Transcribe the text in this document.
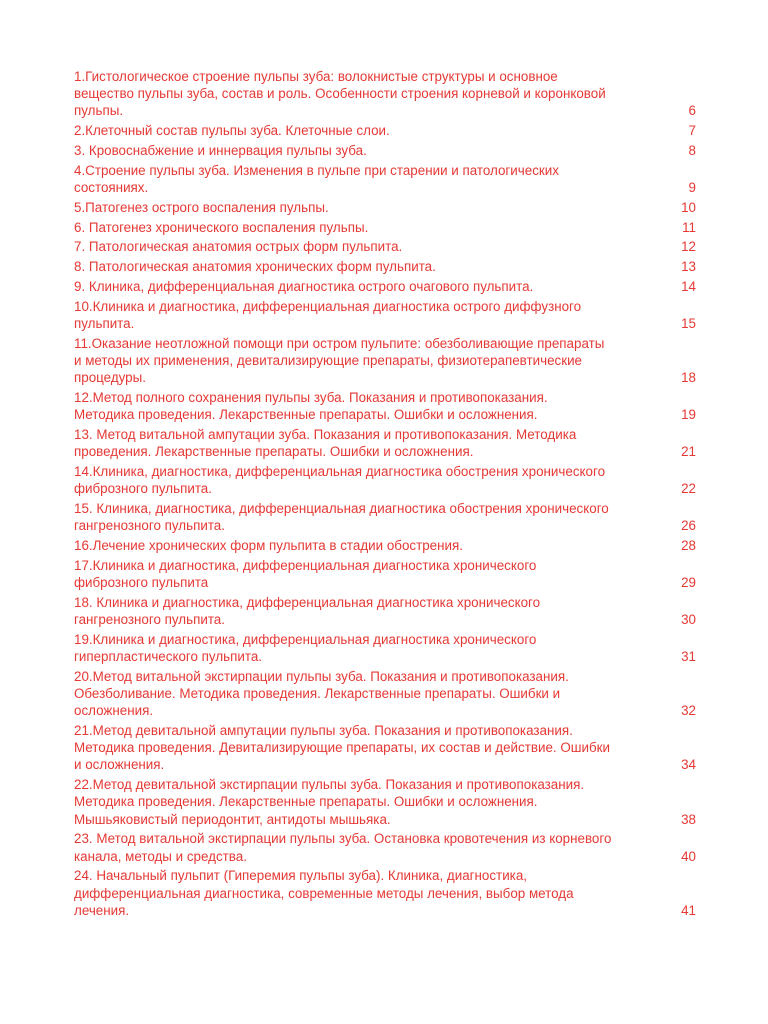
1.Гистологическое строение пульпы зуба: волокнистые структуры и основное
вещество пульпы зуба, состав и роль. Особенности строения корневой и коронковой
пульпы.	6
2.Клеточный состав пульпы зуба. Клеточные слои.	7
3. Кровоснабжение и иннервация пульпы зуба.	8
4.Строение пульпы зуба. Изменения в пульпе при старении и патологических
состояниях.	9
5.Патогенез острого воспаления пульпы.	10
6. Патогенез хронического воспаления пульпы.	11
7. Патологическая анатомия острых форм пульпита.	12
8. Патологическая анатомия хронических форм пульпита.	13
9. Клиника, дифференциальная диагностика острого очагового пульпита.	14
10.Клиника и диагностика, дифференциальная диагностика острого диффузного
пульпита.	15
11.Оказание неотложной помощи при остром пульпите: обезболивающие препараты
и методы их применения, девитализирующие препараты, физиотерапевтические
процедуры.	18
12.Метод полного сохранения пульпы зуба. Показания и противопоказания.
Методика проведения. Лекарственные препараты. Ошибки и осложнения.	19
13. Метод витальной ампутации зуба. Показания и противопоказания. Методика
проведения. Лекарственные препараты. Ошибки и осложнения.	21
14.Клиника, диагностика, дифференциальная диагностика обострения хронического
фиброзного пульпита.	22
15. Клиника, диагностика, дифференциальная диагностика обострения хронического
гангренозного пульпита.	26
16.Лечение хронических форм пульпита в стадии обострения.	28
17.Клиника и диагностика, дифференциальная диагностика хронического
фиброзного пульпита	29
18. Клиника и диагностика, дифференциальная диагностика хронического
гангренозного пульпита.	30
19.Клиника и диагностика, дифференциальная диагностика хронического
гиперпластического пульпита.	31
20.Метод витальной экстирпации пульпы зуба. Показания и противопоказания.
Обезболивание. Методика проведения. Лекарственные препараты. Ошибки и
осложнения.	32
21.Метод девитальной ампутации пульпы зуба. Показания и противопоказания.
Методика проведения. Девитализирующие препараты, их состав и действие. Ошибки
и осложнения.	34
22.Метод девитальной экстирпации пульпы зуба. Показания и противопоказания.
Методика проведения. Лекарственные препараты. Ошибки и осложнения.
Мышьяковистый периодонтит, антидоты мышьяка.	38
23. Метод витальной экстирпации пульпы зуба. Остановка кровотечения из корневого
канала, методы и средства.	40
24. Начальный пульпит (Гиперемия пульпы зуба). Клиника, диагностика,
дифференциальная диагностика, современные методы лечения, выбор метода
лечения.	41
